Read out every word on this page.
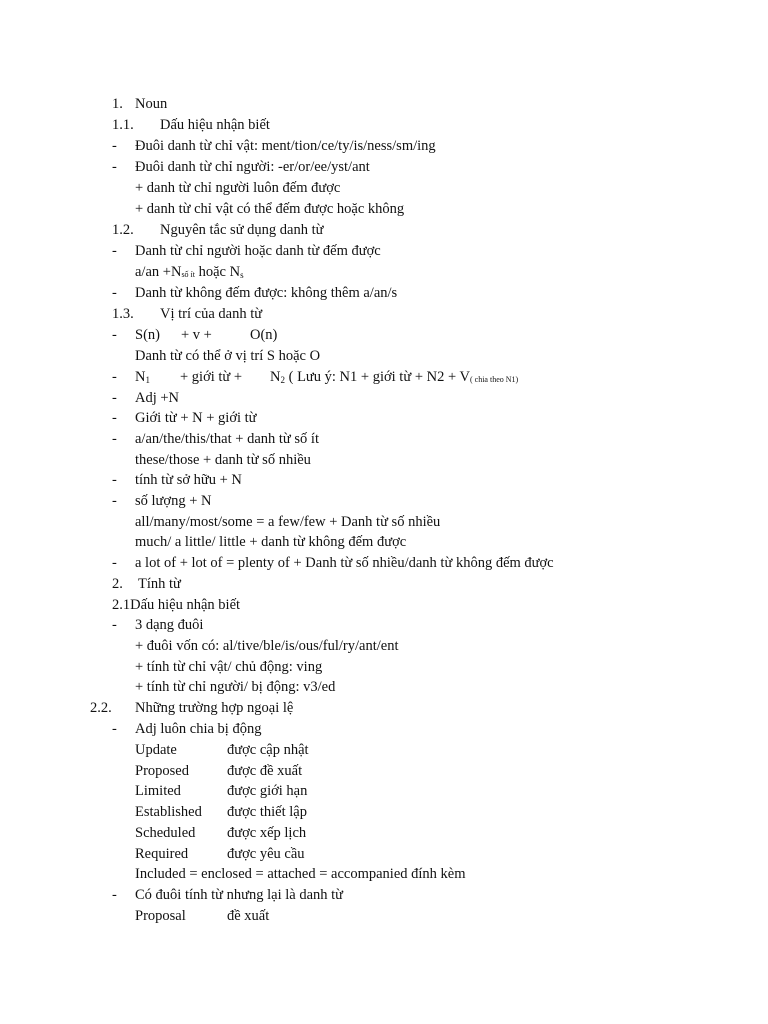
1. Noun
1.1. Dấu hiệu nhận biết
- Đuôi danh từ chỉ vật: ment/tion/ce/ty/is/ness/sm/ing
- Đuôi danh từ chỉ người: -er/or/ee/yst/ant
+ danh từ chỉ người luôn đếm được
+ danh từ chỉ vật có thể đếm được hoặc không
1.2. Nguyên tắc sử dụng danh từ
- Danh từ chỉ người hoặc danh từ đếm được
a/an +Nsố ít hoặc $N_s$
- Danh từ không đếm được: không thêm a/an/s
1.3. Vị trí của danh từ
- S(n) + v +	O(n)
Danh từ có thể ở vị trí S hoặc O
- $N_1$ + giới từ + $N_2$ ( Lưu ý: N1 + giới từ + N2 + V( chia theo N1)
- Adj +N
- Giới từ + N + giới từ
- a/an/the/this/that + danh từ số ít
these/those + danh từ số nhiều
- tính từ sở hữu + N
- số lượng + N
all/many/most/some = a few/few + Danh từ số nhiều
much/ a little/ little + danh từ không đếm được
- a lot of + lot of = plenty of + Danh từ số nhiều/danh từ không đếm được
2. Tính từ
2.1Dấu hiệu nhận biết
- 3 dạng đuôi
+ đuôi vốn có: al/tive/ble/is/ous/ful/ry/ant/ent
+ tính từ chỉ vật/ chủ động: ving
+ tính từ chỉ người/ bị động: v3/ed
2.2. Những trường hợp ngoại lệ
- Adj luôn chia bị động
Update	được cập nhật
Proposed	được đề xuất
Limited	được giới hạn
Established được thiết lập
Scheduled được xếp lịch
Required	được yêu cầu
Included = enclosed = attached = accompanied đính kèm
- Có đuôi tính từ nhưng lại là danh từ
Proposal	đề xuất
